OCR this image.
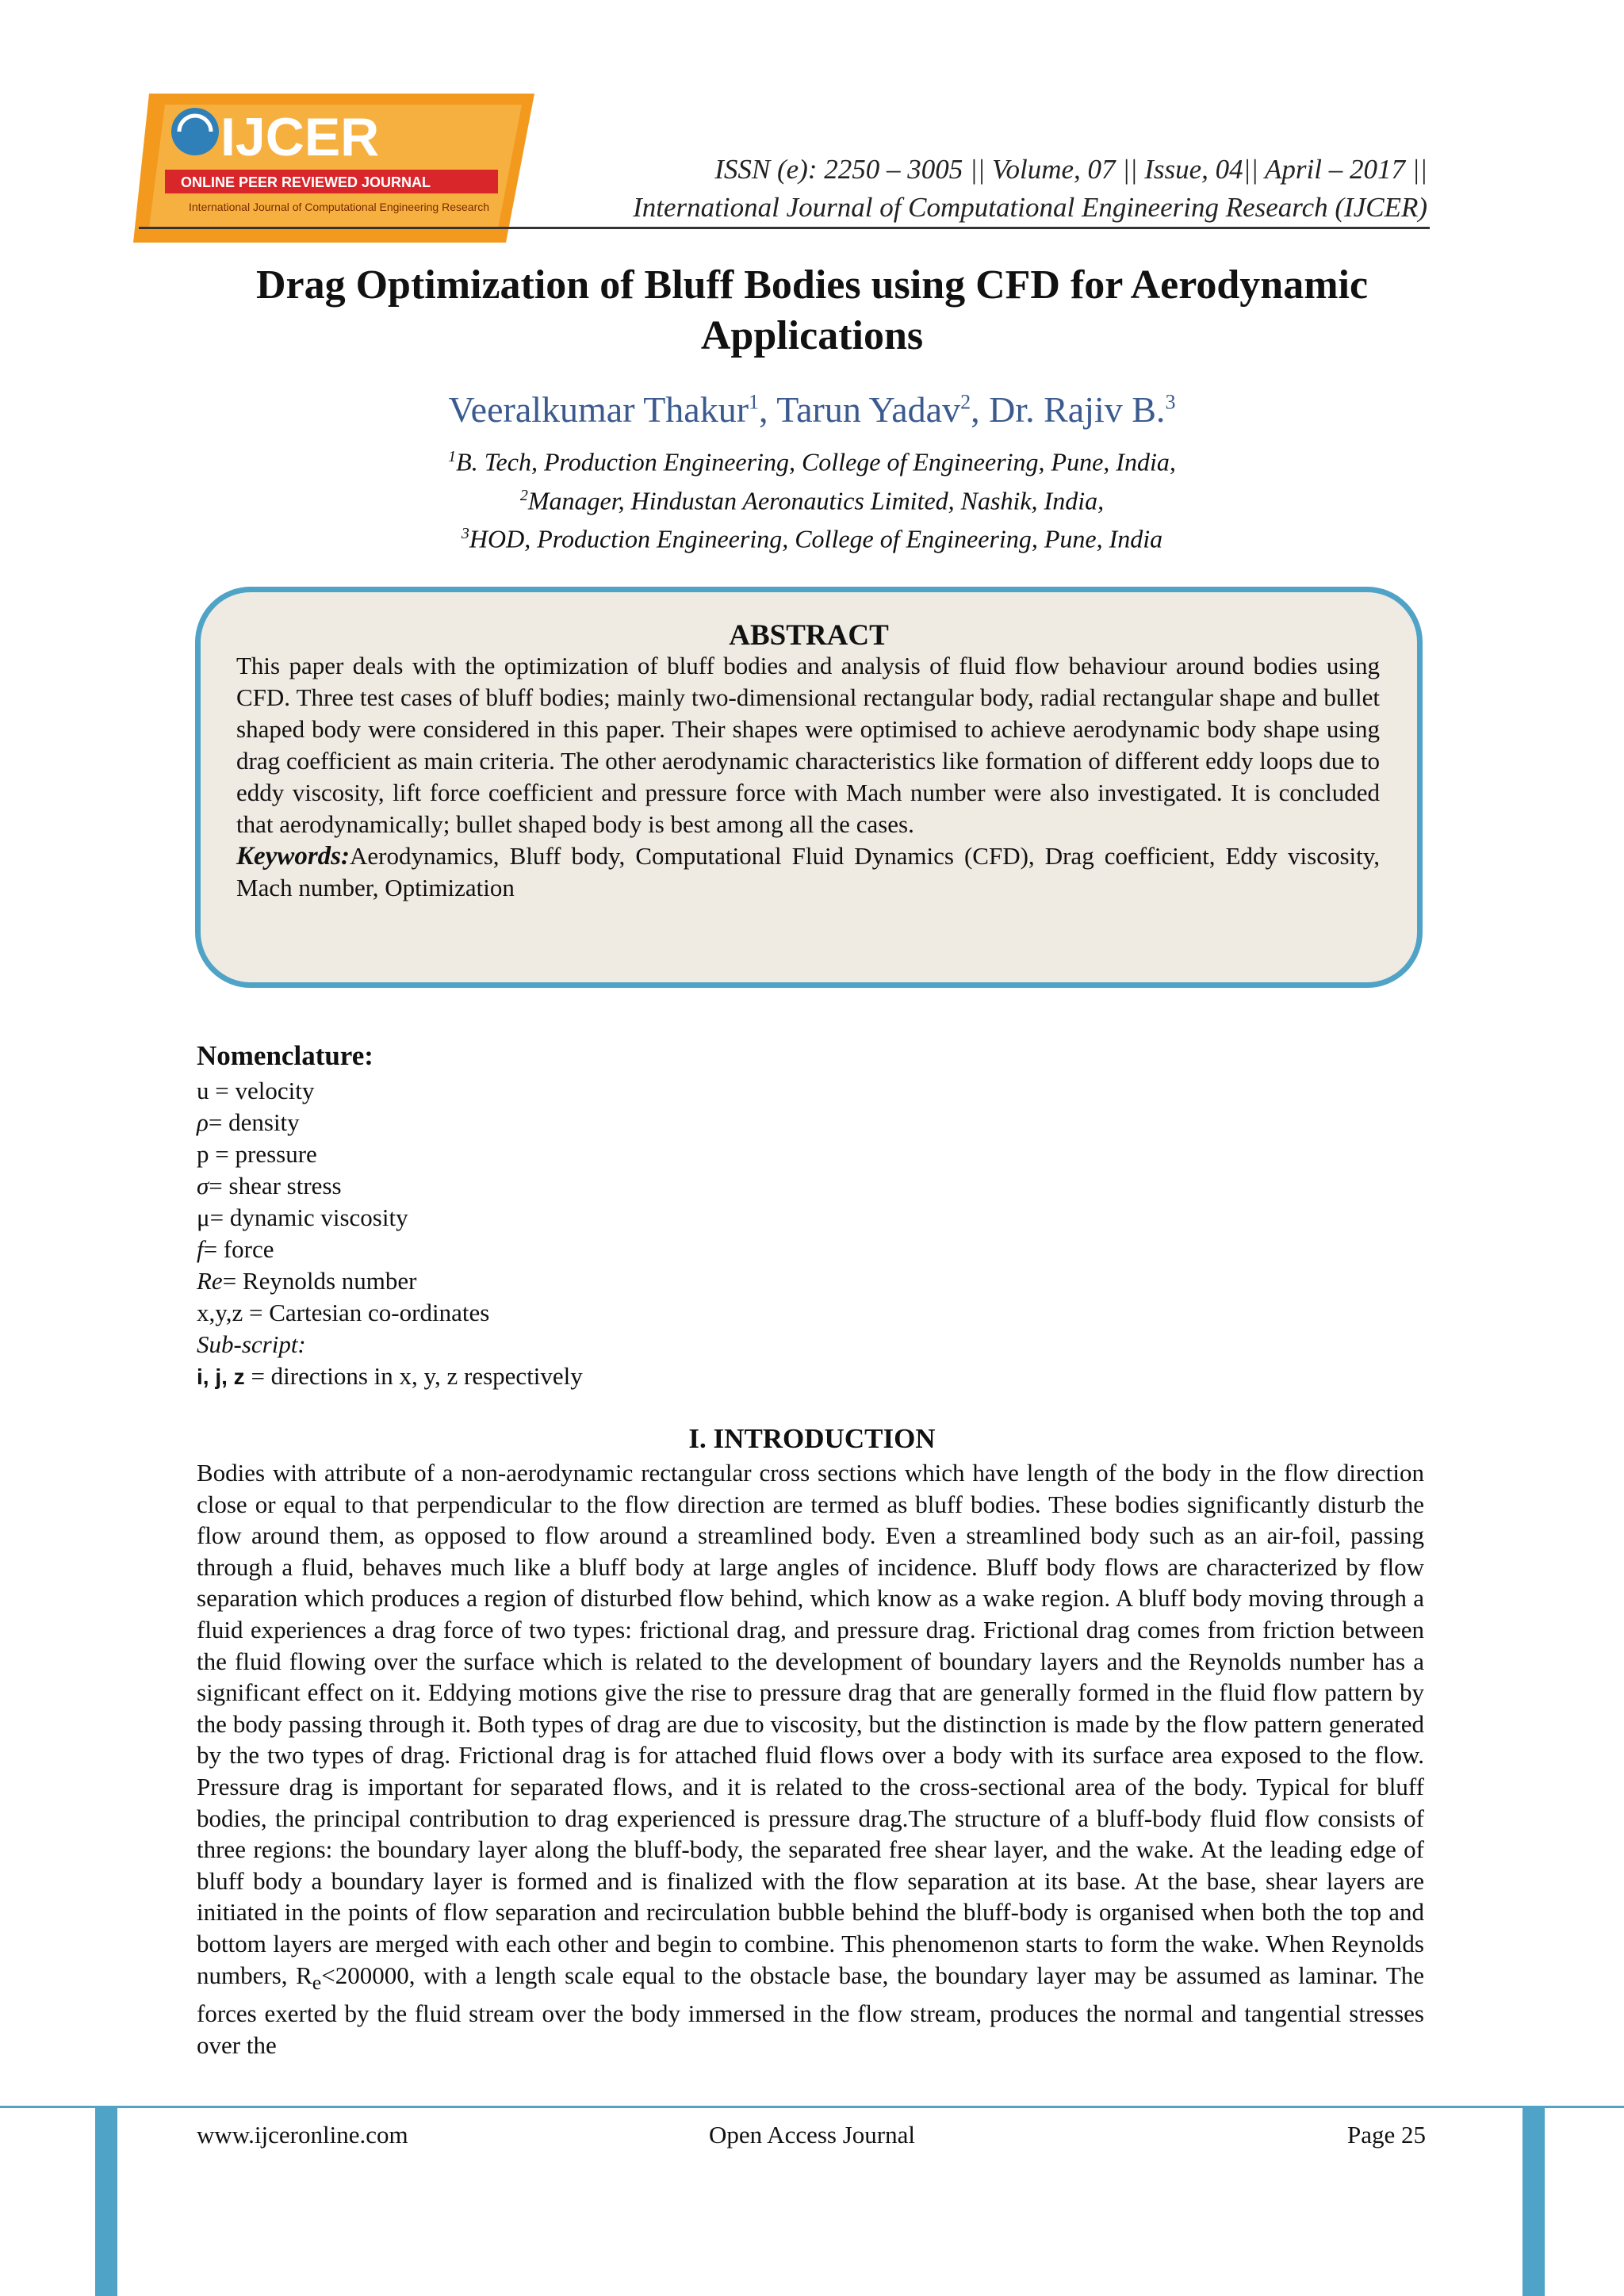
IJCER
ONLINE PEER REVIEWED JOURNAL
International Journal of Computational Engineering Research
ISSN (e): 2250 – 3005 || Volume, 07 || Issue, 04|| April – 2017 ||
International Journal of Computational Engineering Research (IJCER)
Drag Optimization of Bluff Bodies using CFD for Aerodynamic
Applications
Veeralkumar Thakur$^1$, Tarun Yadav$^2$, Dr. Rajiv B.$^3$
$^1$B. Tech, Production Engineering, College of Engineering, Pune, India,
$^2$Manager, Hindustan Aeronautics Limited, Nashik, India,
$^3$HOD, Production Engineering, College of Engineering, Pune, India
ABSTRACT
This paper deals with the optimization of bluff bodies and analysis of fluid flow behaviour around bodies using CFD. Three test cases of bluff bodies; mainly two-dimensional rectangular body, radial rectangular shape and bullet shaped body were considered in this paper. Their shapes were optimised to achieve aerodynamic body shape using drag coefficient as main criteria. The other aerodynamic characteristics like formation of different eddy loops due to eddy viscosity, lift force coefficient and pressure force with Mach number were also investigated. It is concluded that aerodynamically; bullet shaped body is best among all the cases.
Keywords:Aerodynamics, Bluff body, Computational Fluid Dynamics (CFD), Drag coefficient, Eddy viscosity, Mach number, Optimization
Nomenclature:
u = velocity
ρ= density
p = pressure
σ= shear stress
μ= dynamic viscosity
f= force
Re= Reynolds number
x,y,z = Cartesian co-ordinates
Sub-script:
i, j, z = directions in x, y, z respectively
I. INTRODUCTION
Bodies with attribute of a non-aerodynamic rectangular cross sections which have length of the body in the flow direction close or equal to that perpendicular to the flow direction are termed as bluff bodies. These bodies significantly disturb the flow around them, as opposed to flow around a streamlined body. Even a streamlined body such as an air-foil, passing through a fluid, behaves much like a bluff body at large angles of incidence. Bluff body flows are characterized by flow separation which produces a region of disturbed flow behind, which know as a wake region. A bluff body moving through a fluid experiences a drag force of two types: frictional drag, and pressure drag. Frictional drag comes from friction between the fluid flowing over the surface which is related to the development of boundary layers and the Reynolds number has a significant effect on it. Eddying motions give the rise to pressure drag that are generally formed in the fluid flow pattern by the body passing through it. Both types of drag are due to viscosity, but the distinction is made by the flow pattern generated by the two types of drag. Frictional drag is for attached fluid flows over a body with its surface area exposed to the flow. Pressure drag is important for separated flows, and it is related to the cross-sectional area of the body. Typical for bluff bodies, the principal contribution to drag experienced is pressure drag.The structure of a bluff-body fluid flow consists of three regions: the boundary layer along the bluff-body, the separated free shear layer, and the wake. At the leading edge of bluff body a boundary layer is formed and is finalized with the flow separation at its base. At the base, shear layers are initiated in the points of flow separation and recirculation bubble behind the bluff-body is organised when both the top and bottom layers are merged with each other and begin to combine. This phenomenon starts to form the wake. When Reynolds numbers, $R_e<200000$, with a length scale equal to the obstacle base, the boundary layer may be assumed as laminar. The forces exerted by the fluid stream over the body immersed in the flow stream, produces the normal and tangential stresses over the
www.ijceronline.com	Open Access Journal	Page 25
